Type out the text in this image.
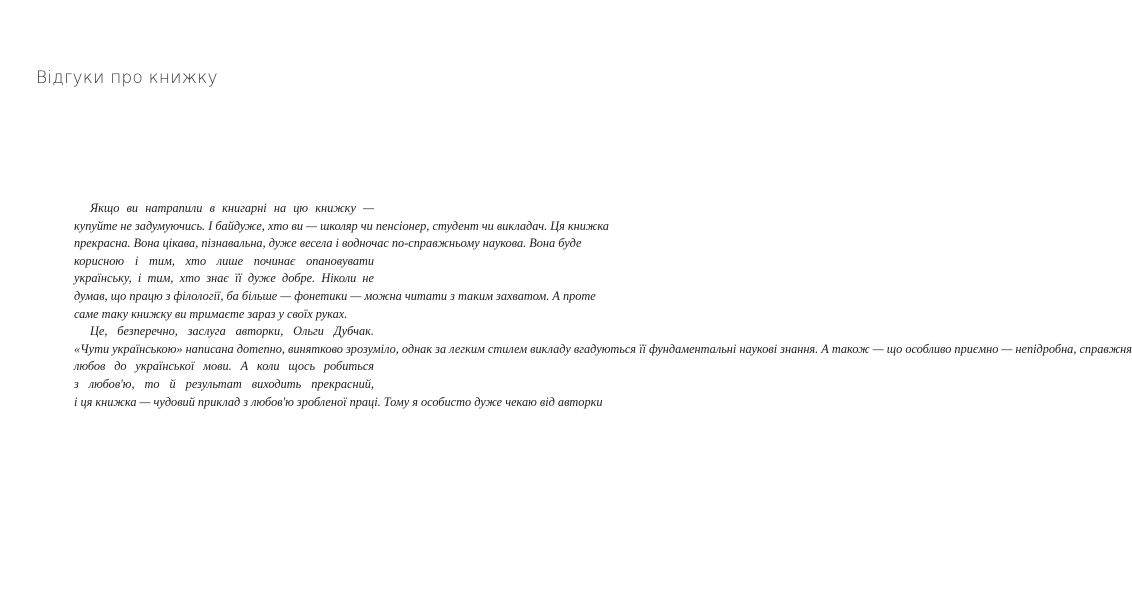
Відгуки про книжку
Якщо ви натрапили в книгарні на цю книжку —
купуйте не задумуючись. І байдуже, хто ви — школяр чи пенсіонер, студент чи викладач. Ця книжка
прекрасна. Вона цікава, пізнавальна, дуже весела і водночас по-справжньому наукова. Вона буде
корисною і тим, хто лише починає опановувати
українську, і тим, хто знає її дуже добре. Ніколи не
думав, що працю з філології, ба більше — фонетики — можна читати з таким захватом. А проте
саме таку книжку ви тримаєте зараз у своїх руках.
Це, безперечно, заслуга авторки, Ольги Дубчак.
«Чути українською» написана дотепно, винятково зрозуміло, однак за легким стилем викладу вгадуються її фундаментальні наукові знання. А також — що особливо приємно — непідробна, справжня
любов до української мови. А коли щось робиться
з любов'ю, то й результат виходить прекрасний,
і ця книжка — чудовий приклад з любов'ю зробленої праці. Тому я особисто дуже чекаю від авторки
